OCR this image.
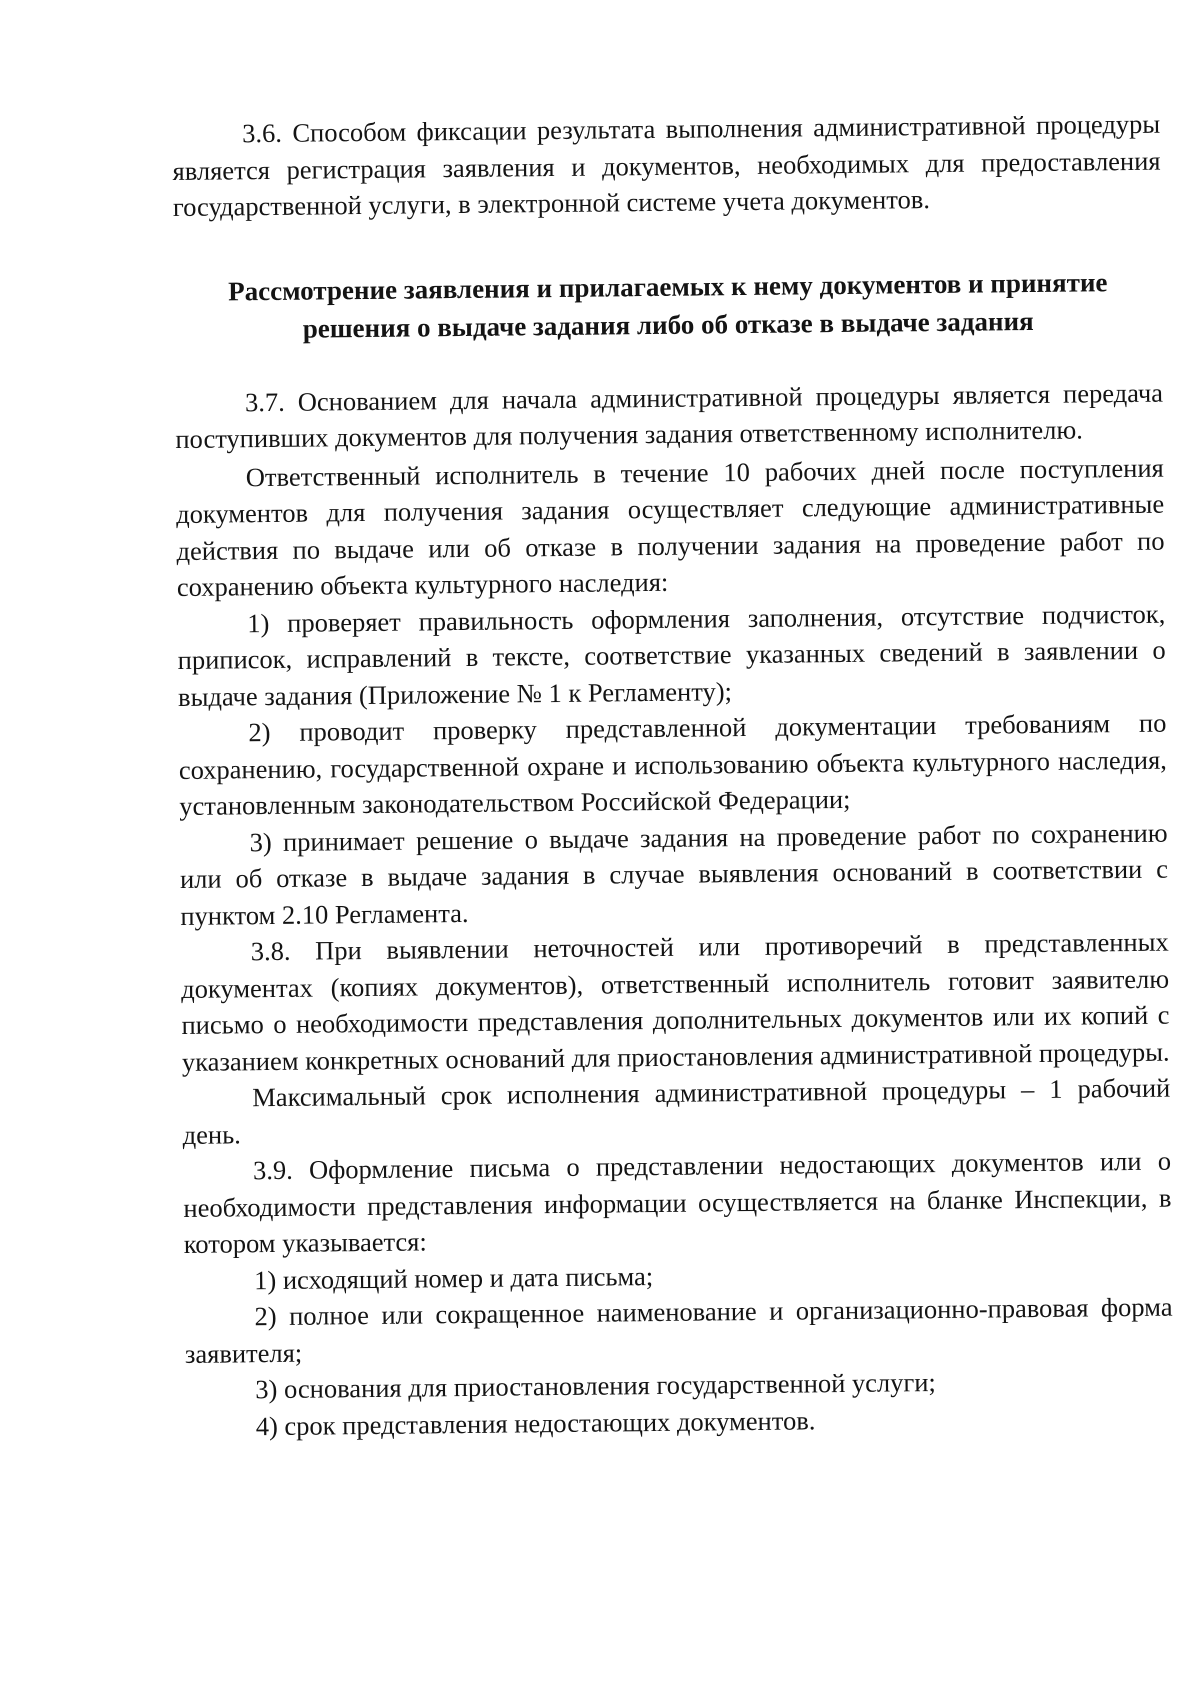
3.6. Способом фиксации результата выполнения административной процедуры является регистрация заявления и документов, необходимых для предоставления государственной услуги, в электронной системе учета документов.

Рассмотрение заявления и прилагаемых к нему документов и принятие решения о выдаче задания либо об отказе в выдаче задания

3.7. Основанием для начала административной процедуры является передача поступивших документов для получения задания ответственному исполнителю.

Ответственный исполнитель в течение 10 рабочих дней после поступления документов для получения задания осуществляет следующие административные действия по выдаче или об отказе в получении задания на проведение работ по сохранению объекта культурного наследия:

1) проверяет правильность оформления заполнения, отсутствие подчисток, приписок, исправлений в тексте, соответствие указанных сведений в заявлении о выдаче задания (Приложение № 1 к Регламенту);

2) проводит проверку представленной документации требованиям по сохранению, государственной охране и использованию объекта культурного наследия, установленным законодательством Российской Федерации;

3) принимает решение о выдаче задания на проведение работ по сохранению или об отказе в выдаче задания в случае выявления оснований в соответствии с пунктом 2.10 Регламента.

3.8. При выявлении неточностей или противоречий в представленных документах (копиях документов), ответственный исполнитель готовит заявителю письмо о необходимости представления дополнительных документов или их копий с указанием конкретных оснований для приостановления административной процедуры.

Максимальный срок исполнения административной процедуры – 1 рабочий день.

3.9. Оформление письма о представлении недостающих документов или о необходимости представления информации осуществляется на бланке Инспекции, в котором указывается:

1) исходящий номер и дата письма;

2) полное или сокращенное наименование и организационно-правовая форма заявителя;

3) основания для приостановления государственной услуги;

4) срок представления недостающих документов.
